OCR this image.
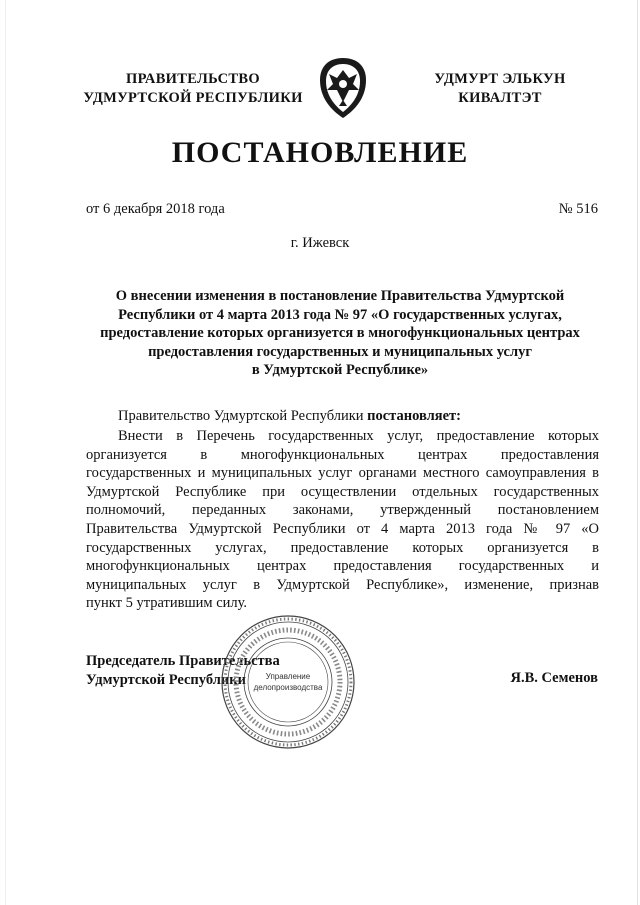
ПРАВИТЕЛЬСТВО
УДМУРТСКОЙ РЕСПУБЛИКИ
УДМУРТ ЭЛЬКУН
КИВАЛТЭТ
ПОСТАНОВЛЕНИЕ
от 6 декабря 2018 года	№ 516
г. Ижевск
О внесении изменения в постановление Правительства Удмуртской
Республики от 4 марта 2013 года № 97 «О государственных услугах,
предоставление которых организуется в многофункциональных центрах
предоставления государственных и муниципальных услуг
в Удмуртской Республике»
Правительство Удмуртской Республики постановляет:
Внести в Перечень государственных услуг, предоставление которых
организуется в многофункциональных центрах предоставления
государственных и муниципальных услуг органами местного самоуправления в
Удмуртской Республике при осуществлении отдельных государственных
полномочий, переданных законами, утвержденный постановлением
Правительства Удмуртской Республики от 4 марта 2013 года № 97 «О
государственных услугах, предоставление которых организуется в
многофункциональных центрах предоставления государственных и
муниципальных услуг в Удмуртской Республике», изменение, признав
пункт 5 утратившим силу.
Председатель Правительства
Удмуртской Республики	Я.В. Семенов
Управление
делопроизводства
